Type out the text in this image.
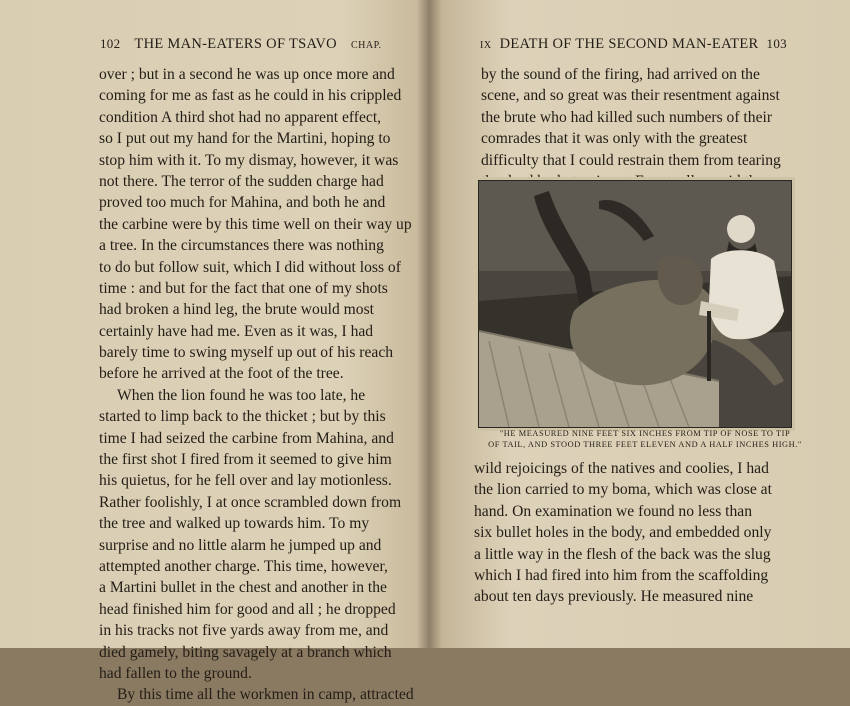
102 THE MAN-EATERS OF TSAVO CHAP.
over ; but in a second he was up once more and
coming for me as fast as he could in his crippled
condition A third shot had no apparent effect,
so I put out my hand for the Martini, hoping to
stop him with it. To my dismay, however, it was
not there. The terror of the sudden charge had
proved too much for Mahina, and both he and
the carbine were by this time well on their way up
a tree. In the circumstances there was nothing
to do but follow suit, which I did without loss of
time : and but for the fact that one of my shots
had broken a hind leg, the brute would most
certainly have had me. Even as it was, I had
barely time to swing myself up out of his reach
before he arrived at the foot of the tree.
When the lion found he was too late, he
started to limp back to the thicket ; but by this
time I had seized the carbine from Mahina, and
the first shot I fired from it seemed to give him
his quietus, for he fell over and lay motionless.
Rather foolishly, I at once scrambled down from
the tree and walked up towards him. To my
surprise and no little alarm he jumped up and
attempted another charge. This time, however,
a Martini bullet in the chest and another in the
head finished him for good and all ; he dropped
in his tracks not five yards away from me, and
died gamely, biting savagely at a branch which
had fallen to the ground.
By this time all the workmen in camp, attracted
IX DEATH OF THE SECOND MAN-EATER 103
by the sound of the firing, had arrived on the
scene, and so great was their resentment against
the brute who had killed such numbers of their
comrades that it was only with the greatest
difficulty that I could restrain them from tearing
"HE MEASURED NINE FEET SIX INCHES FROM TIP OF NOSE TO TIP
OF TAIL, AND STOOD THREE FEET ELEVEN AND A HALF INCHES HIGH."
wild rejoicings of the natives and coolies, I had
the lion carried to my boma, which was close at
hand. On examination we found no less than
six bullet holes in the body, and embedded only
a little way in the flesh of the back was the slug
which I had fired into him from the scaffolding
about ten days previously. He measured nine
